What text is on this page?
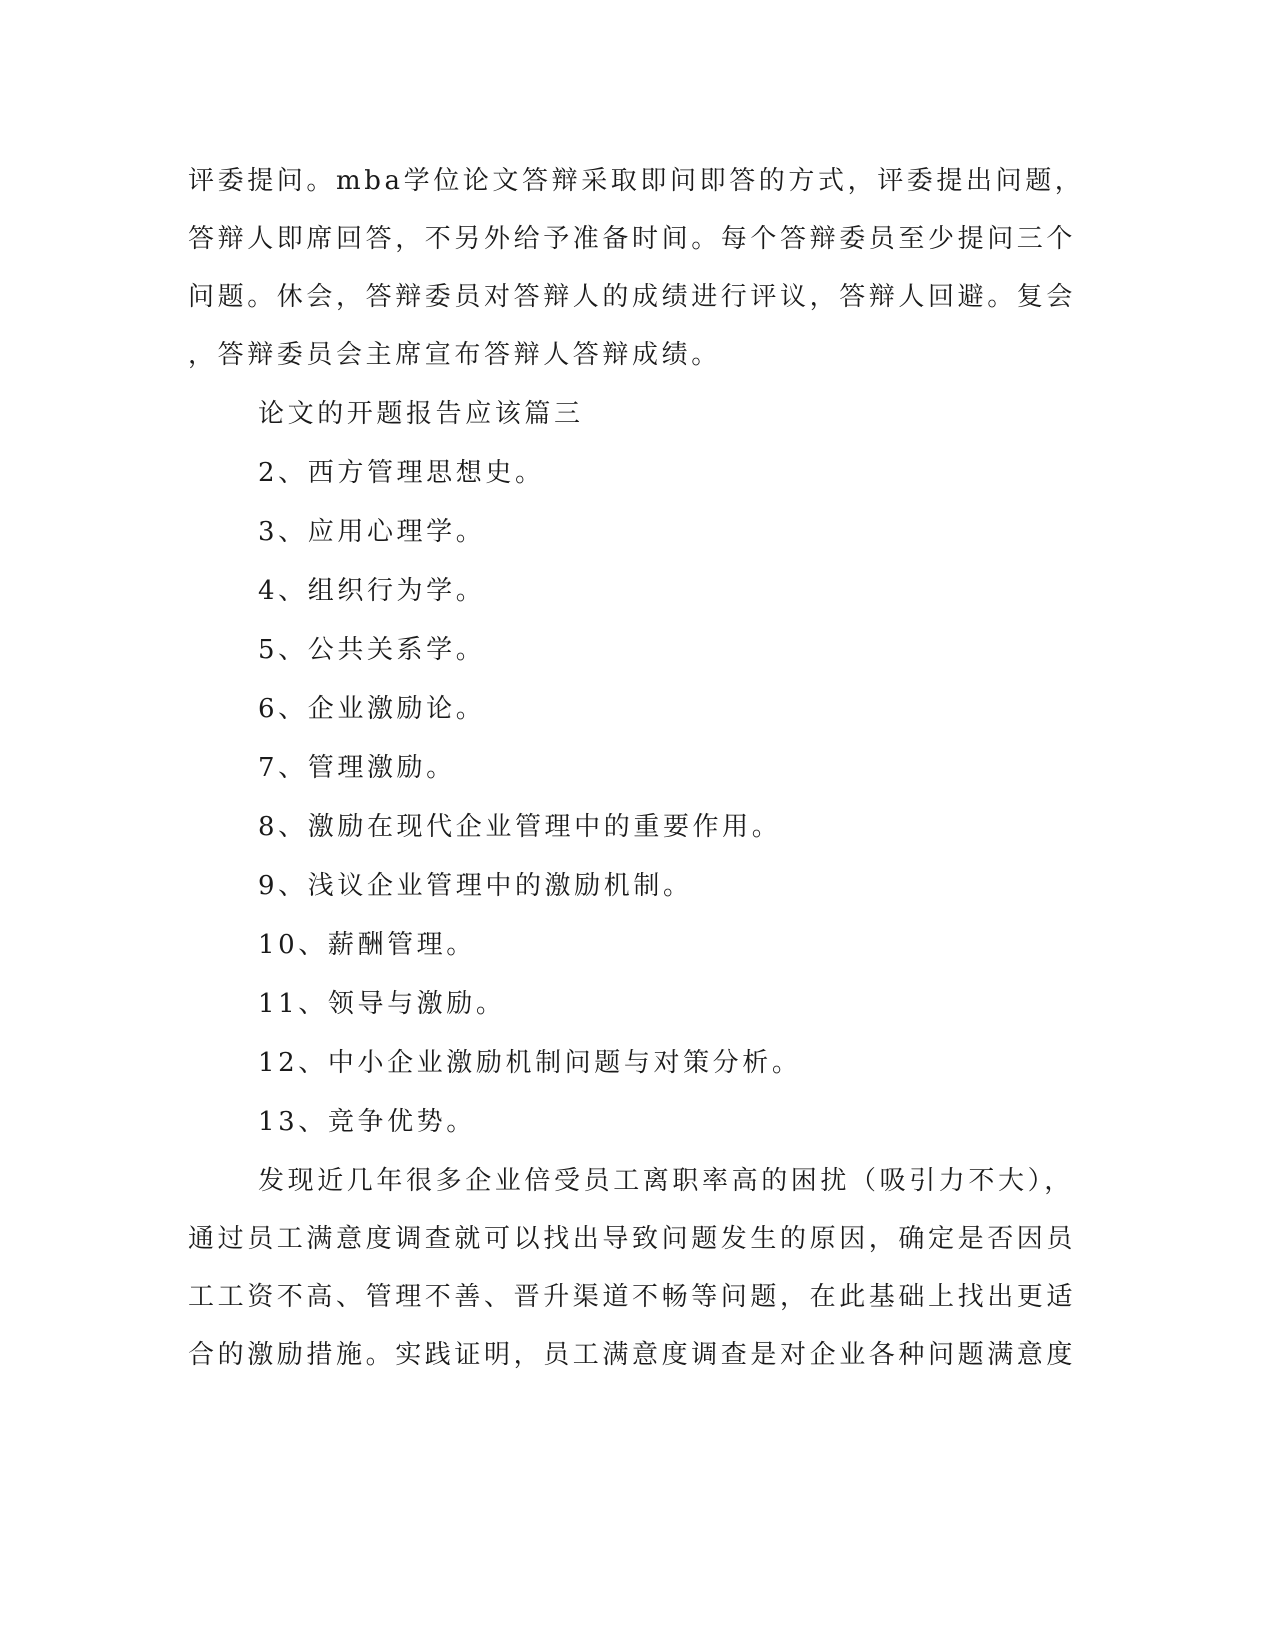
评委提问。mba学位论文答辩采取即问即答的方式，评委提出问题，
答辩人即席回答，不另外给予准备时间。每个答辩委员至少提问三个
问题。休会，答辩委员对答辩人的成绩进行评议，答辩人回避。复会
，答辩委员会主席宣布答辩人答辩成绩。
论文的开题报告应该篇三
2、西方管理思想史。
3、应用心理学。
4、组织行为学。
5、公共关系学。
6、企业激励论。
7、管理激励。
8、激励在现代企业管理中的重要作用。
9、浅议企业管理中的激励机制。
10、薪酬管理。
11、领导与激励。
12、中小企业激励机制问题与对策分析。
13、竞争优势。
发现近几年很多企业倍受员工离职率高的困扰（吸引力不大），
通过员工满意度调查就可以找出导致问题发生的原因，确定是否因员
工工资不高、管理不善、晋升渠道不畅等问题，在此基础上找出更适
合的激励措施。实践证明，员工满意度调查是对企业各种问题满意度
